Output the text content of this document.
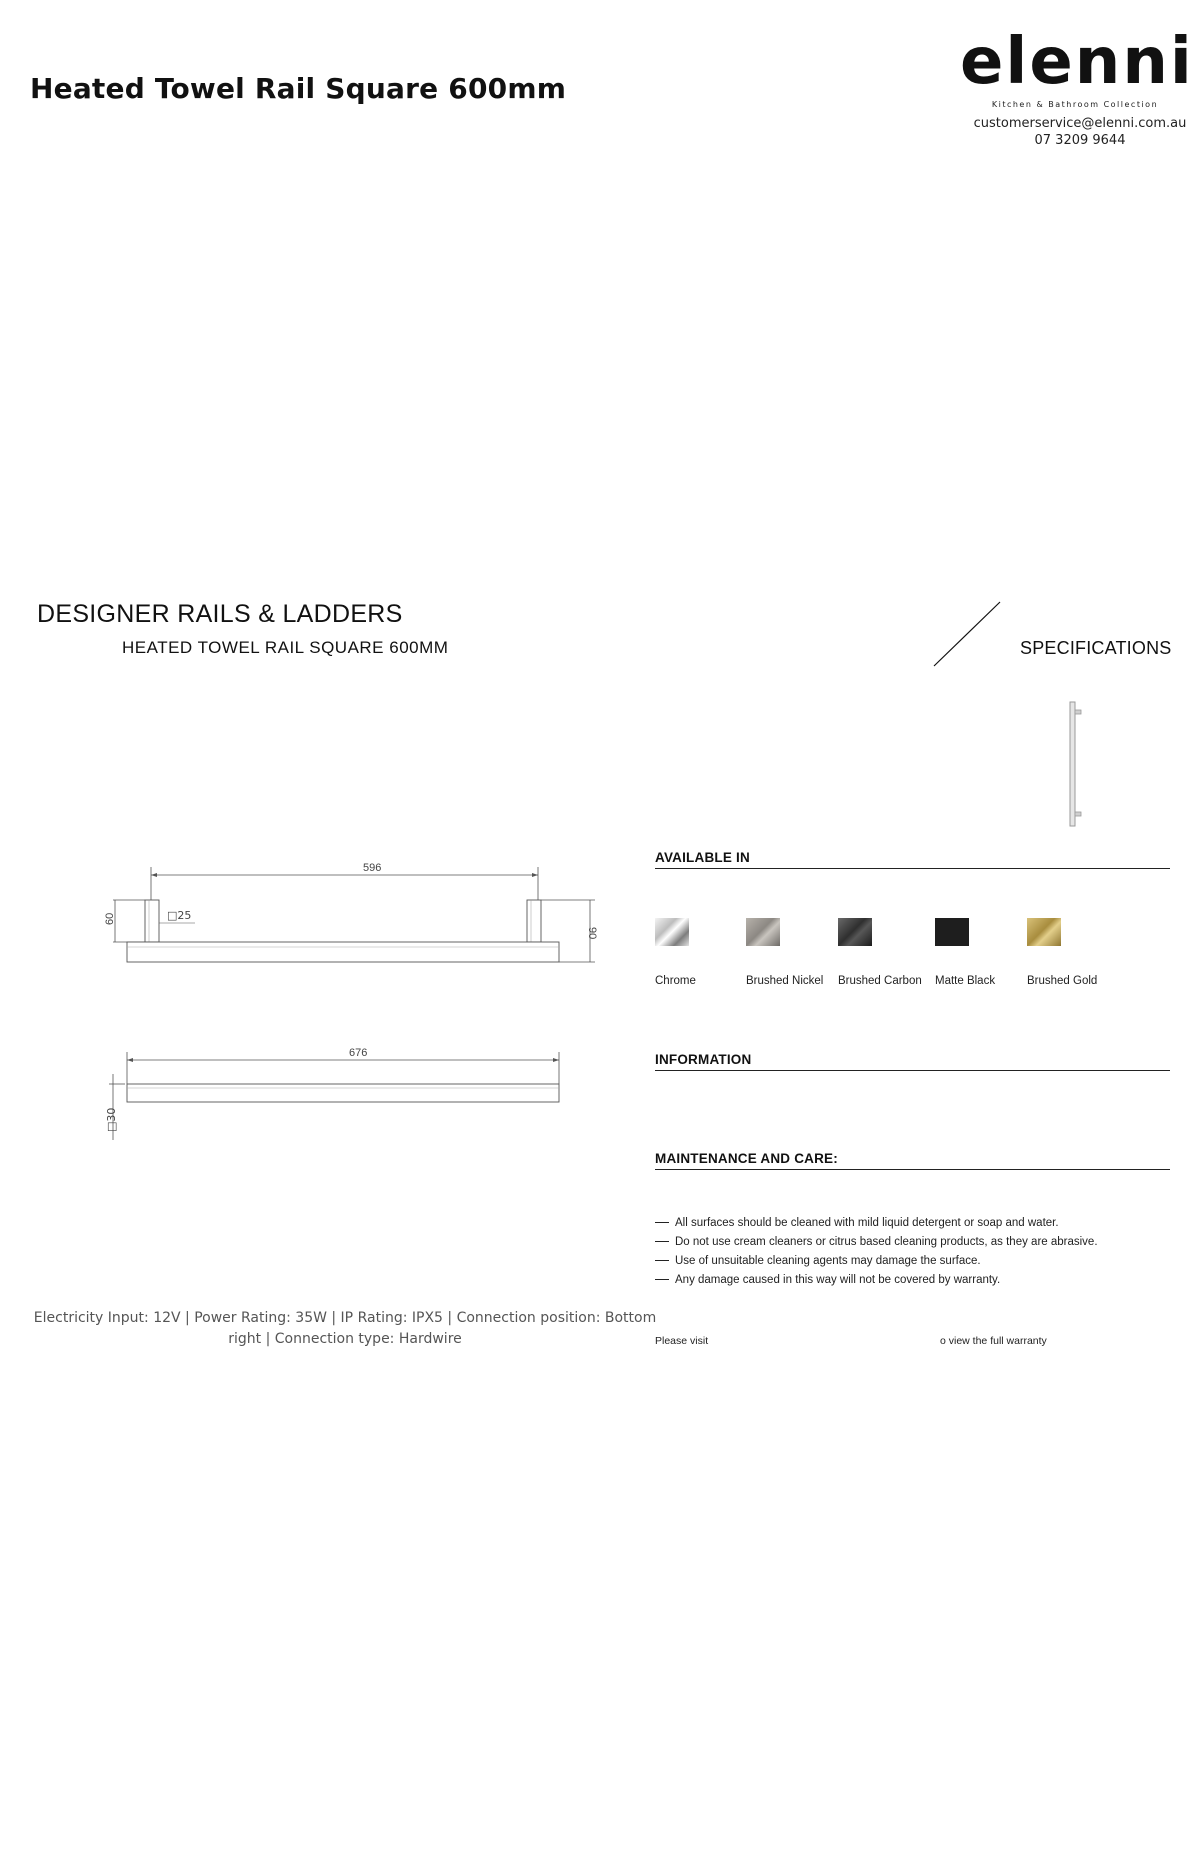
Heated Towel Rail Square 600mm	elenni
Kitchen & Bathroom Collection
customerservice@elenni.com.au
07 3209 9644
DESIGNER RAILS & LADDERS
HEATED TOWEL RAIL SQUARE 600MM	SPECIFICATIONS
596
60	□25
90
676
□30
AVAILABLE IN
Chrome	Brushed Nickel Brushed Carbon Matte Black	Brushed Gold
INFORMATION
MAINTENANCE AND CARE:
All surfaces should be cleaned with mild liquid detergent or soap and water.
Do not use cream cleaners or citrus based cleaning products, as they are abrasive.
Use of unsuitable cleaning agents may damage the surface.
Any damage caused in this way will not be covered by warranty.
Please visit	o view the full warranty
Electricity Input: 12V | Power Rating: 35W | IP Rating: IPX5 | Connection position: Bottom right | Connection type: Hardwire
